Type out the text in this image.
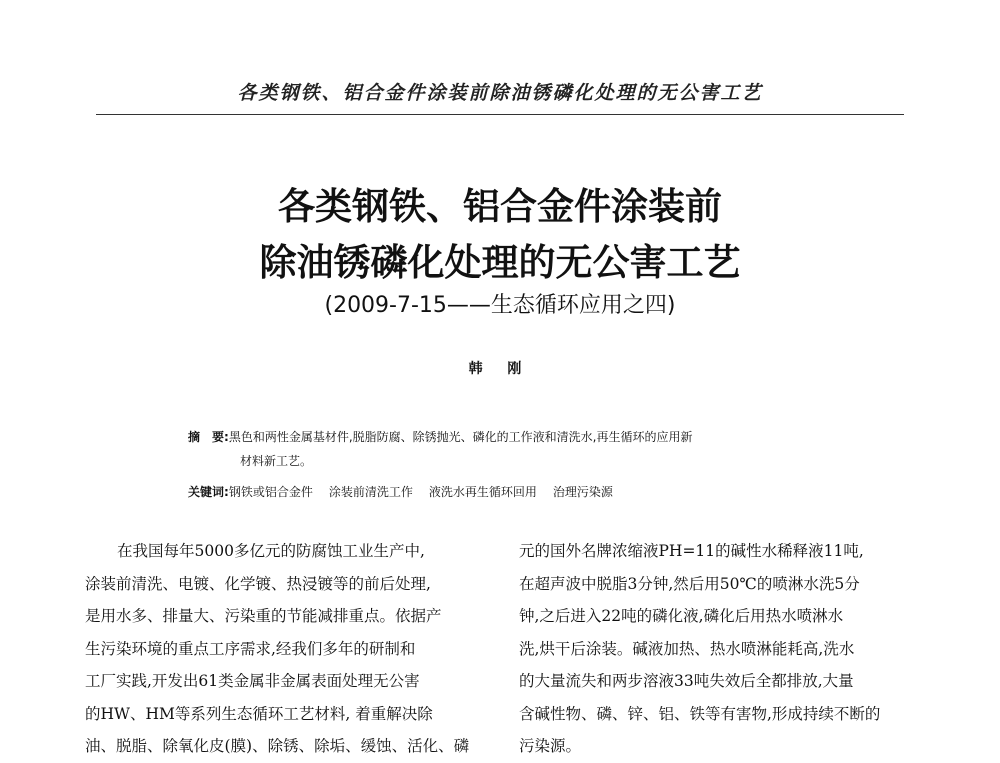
各类钢铁、铝合金件涂装前除油锈磷化处理的无公害工艺
各类钢铁、铝合金件涂装前
除油锈磷化处理的无公害工艺
(2009-7-15——生态循环应用之四)
韩 刚
摘　要:黑色和两性金属基材件,脱脂防腐、除锈抛光、磷化的工作液和清洗水,再生循环的应用新
材料新工艺。
关键词:钢铁或铝合金件 涂装前清洗工作 液洗水再生循环回用 治理污染源
在我国每年5000多亿元的防腐蚀工业生产中,
涂装前清洗、电镀、化学镀、热浸镀等的前后处理,
是用水多、排量大、污染重的节能减排重点。依据产
生污染环境的重点工序需求,经我们多年的研制和
工厂实践,开发出61类金属非金属表面处理无公害
的HW、HM等系列生态循环工艺材料, 着重解决除
油、脱脂、除氧化皮(膜)、除锈、除垢、缓蚀、活化、磷
元的国外名牌浓缩液PH=11的碱性水稀释液11吨,
在超声波中脱脂3分钟,然后用50℃的喷淋水洗5分
钟,之后进入22吨的磷化液,磷化后用热水喷淋水
洗,烘干后涂装。碱液加热、热水喷淋能耗高,洗水
的大量流失和两步溶液33吨失效后全都排放,大量
含碱性物、磷、锌、铝、铁等有害物,形成持续不断的
污染源。
